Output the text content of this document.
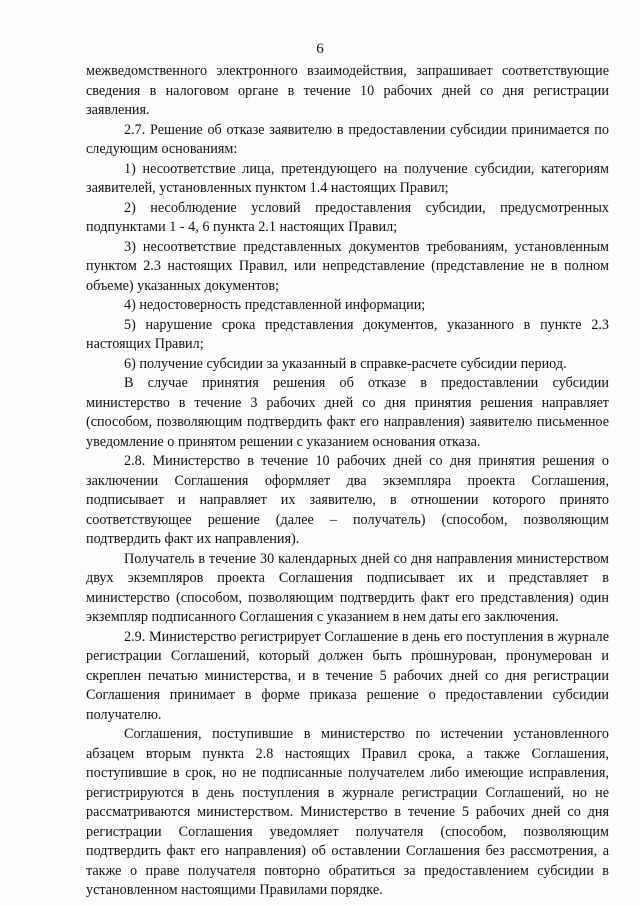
6

межведомственного электронного взаимодействия, запрашивает соответствующие сведения в налоговом органе в течение 10 рабочих дней со дня регистрации заявления.

2.7. Решение об отказе заявителю в предоставлении субсидии принимается по следующим основаниям:

1) несоответствие лица, претендующего на получение субсидии, категориям заявителей, установленных пунктом 1.4 настоящих Правил;

2) несоблюдение условий предоставления субсидии, предусмотренных подпунктами 1 - 4, 6 пункта 2.1 настоящих Правил;

3) несоответствие представленных документов требованиям, установленным пунктом 2.3 настоящих Правил, или непредставление (представление не в полном объеме) указанных документов;

4) недостоверность представленной информации;

5) нарушение срока представления документов, указанного в пункте 2.3 настоящих Правил;

6) получение субсидии за указанный в справке-расчете субсидии период.

В случае принятия решения об отказе в предоставлении субсидии министерство в течение 3 рабочих дней со дня принятия решения направляет (способом, позволяющим подтвердить факт его направления) заявителю письменное уведомление о принятом решении с указанием основания отказа.

2.8. Министерство в течение 10 рабочих дней со дня принятия решения о заключении Соглашения оформляет два экземпляра проекта Соглашения, подписывает и направляет их заявителю, в отношении которого принято соответствующее решение (далее – получатель) (способом, позволяющим подтвердить факт их направления).

Получатель в течение 30 календарных дней со дня направления министерством двух экземпляров проекта Соглашения подписывает их и представляет в министерство (способом, позволяющим подтвердить факт его представления) один экземпляр подписанного Соглашения с указанием в нем даты его заключения.

2.9. Министерство регистрирует Соглашение в день его поступления в журнале регистрации Соглашений, который должен быть прошнурован, пронумерован и скреплен печатью министерства, и в течение 5 рабочих дней со дня регистрации Соглашения принимает в форме приказа решение о предоставлении субсидии получателю.

Соглашения, поступившие в министерство по истечении установленного абзацем вторым пункта 2.8 настоящих Правил срока, а также Соглашения, поступившие в срок, но не подписанные получателем либо имеющие исправления, регистрируются в день поступления в журнале регистрации Соглашений, но не рассматриваются министерством. Министерство в течение 5 рабочих дней со дня регистрации Соглашения уведомляет получателя (способом, позволяющим подтвердить факт его направления) об оставлении Соглашения без рассмотрения, а также о праве получателя повторно обратиться за предоставлением субсидии в установленном настоящими Правилами порядке.
